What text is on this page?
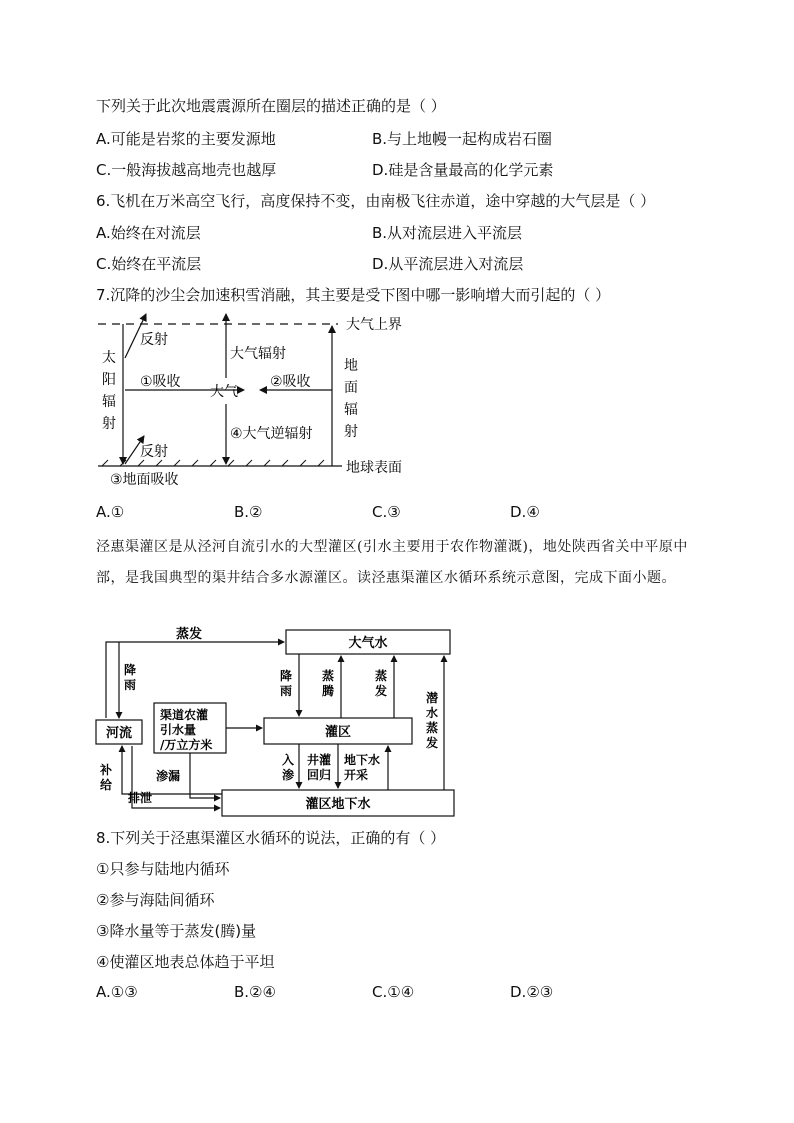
下列关于此次地震震源所在圈层的描述正确的是（ ）
A.可能是岩浆的主要发源地	B.与上地幔一起构成岩石圈
C.一般海拔越高地壳也越厚	D.硅是含量最高的化学元素
6.飞机在万米高空飞行，高度保持不变，由南极飞往赤道，途中穿越的大气层是（ ）
A.始终在对流层	B.从对流层进入平流层
C.始终在平流层	D.从平流层进入对流层
7.沉降的沙尘会加速积雪消融，其主要是受下图中哪一影响增大而引起的（ ）
大气上界
地球表面
太
阳
辐
射
反射
反射
③地面吸收
①吸收
大气
地
面
辐
射
②吸收
大气辐射
④大气逆辐射
A.①	B.②	C.③	D.④
泾惠渠灌区是从泾河自流引水的大型灌区(引水主要用于农作物灌溉)，地处陕西省关中平原中部，是我国典型的渠井结合多水源灌区。读泾惠渠灌区水循环系统示意图，完成下面小题。
大气水
河流
渠道农灌
引水量
/万立方米
灌区
灌区地下水
蒸发
降
雨
降
雨
蒸
腾
蒸
发	潜
水
蒸
发
渗漏
入
渗
井灌
回归
地下水
开采
补
给
排泄
8.下列关于泾惠渠灌区水循环的说法，正确的有（ ）
①只参与陆地内循环
②参与海陆间循环
③降水量等于蒸发(腾)量
④使灌区地表总体趋于平坦
A.①③	B.②④	C.①④	D.②③
